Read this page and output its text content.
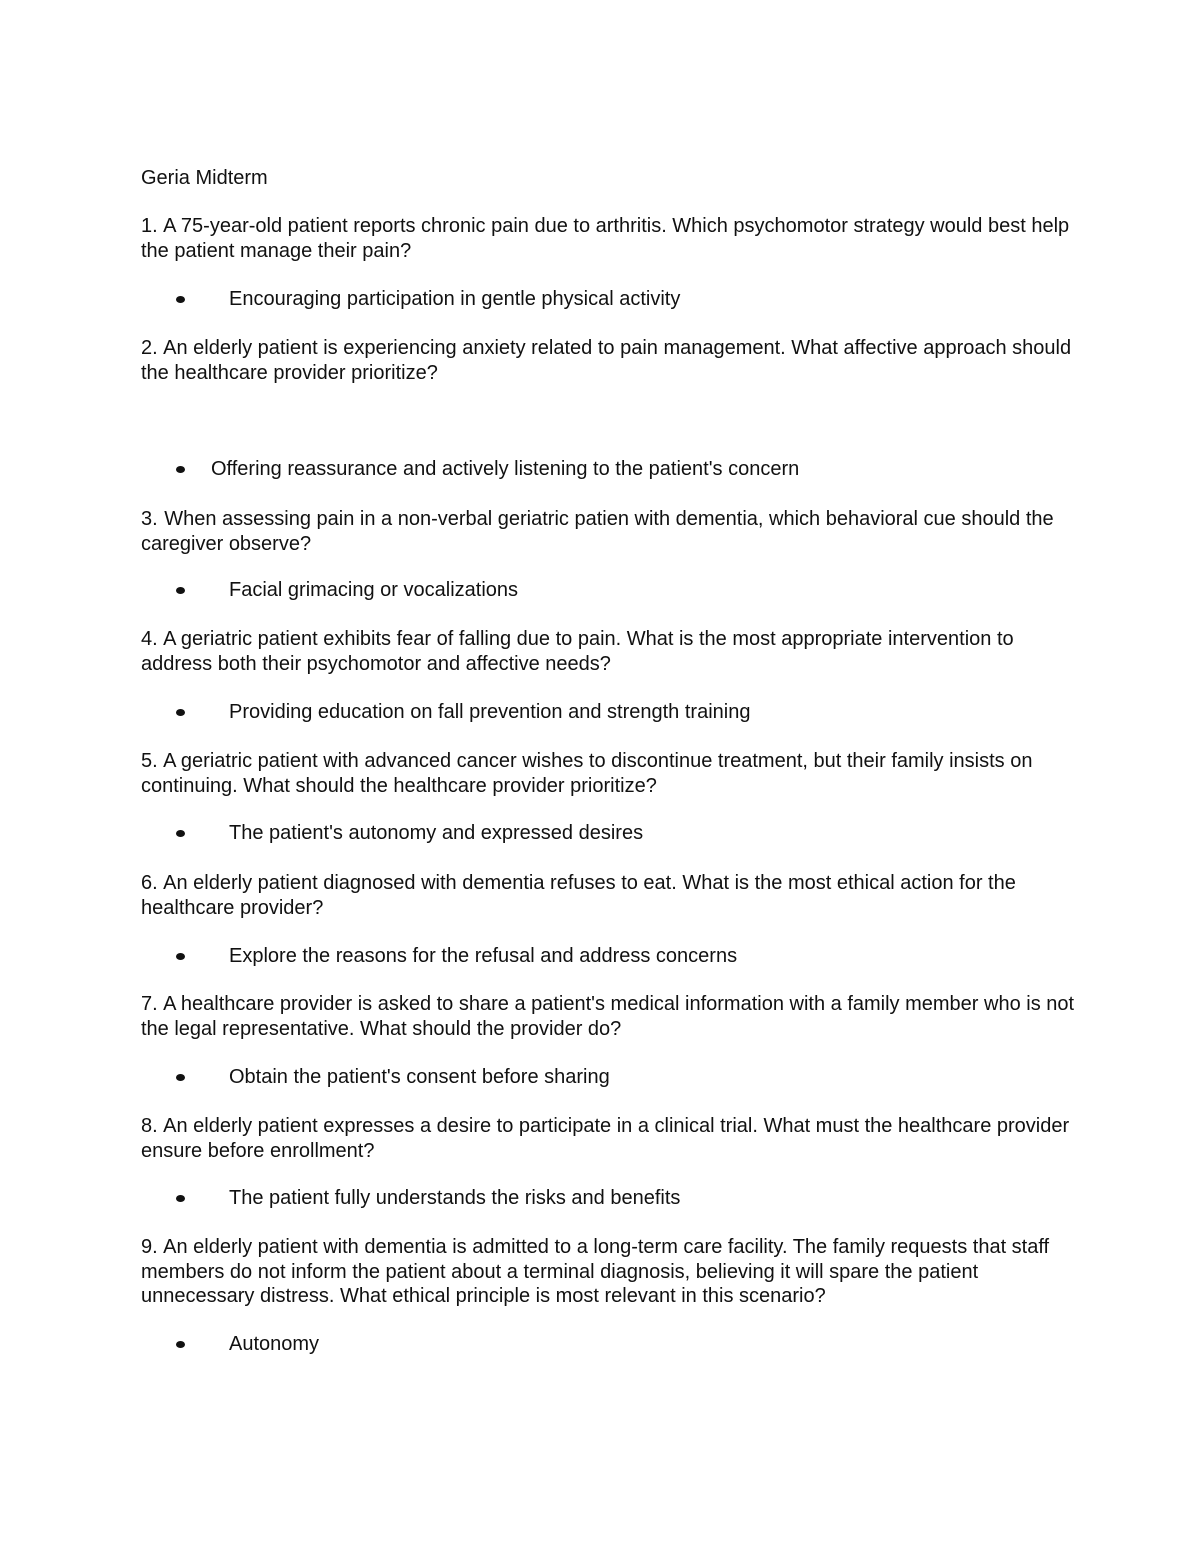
Geria Midterm
1. A 75-year-old patient reports chronic pain due to arthritis. Which psychomotor strategy would best help the patient manage their pain?
Encouraging participation in gentle physical activity
2. An elderly patient is experiencing anxiety related to pain management. What affective approach should the healthcare provider prioritize?
Offering reassurance and actively listening to the patient's concern
3. When assessing pain in a non-verbal geriatric patien with dementia, which behavioral cue should the caregiver observe?
Facial grimacing or vocalizations
4. A geriatric patient exhibits fear of falling due to pain. What is the most appropriate intervention to address both their psychomotor and affective needs?
Providing education on fall prevention and strength training
5. A geriatric patient with advanced cancer wishes to discontinue treatment, but their family insists on continuing. What should the healthcare provider prioritize?
The patient's autonomy and expressed desires
6. An elderly patient diagnosed with dementia refuses to eat. What is the most ethical action for the healthcare provider?
Explore the reasons for the refusal and address concerns
7. A healthcare provider is asked to share a patient's medical information with a family member who is not the legal representative. What should the provider do?
Obtain the patient's consent before sharing
8. An elderly patient expresses a desire to participate in a clinical trial. What must the healthcare provider ensure before enrollment?
The patient fully understands the risks and benefits
9. An elderly patient with dementia is admitted to a long-term care facility. The family requests that staff members do not inform the patient about a terminal diagnosis, believing it will spare the patient unnecessary distress. What ethical principle is most relevant in this scenario?
Autonomy
